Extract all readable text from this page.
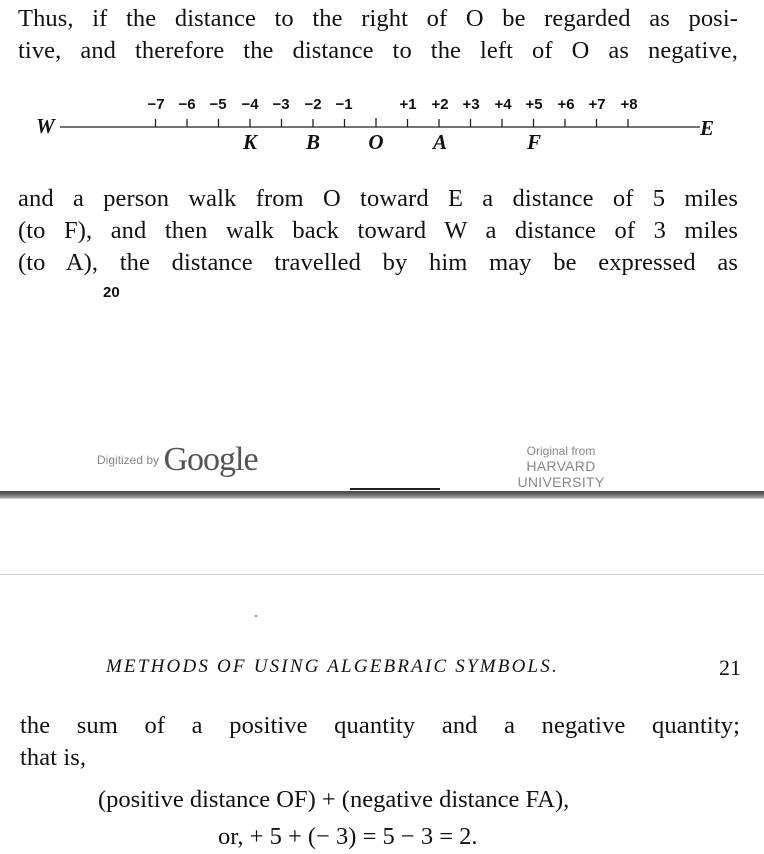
Thus, if the distance to the right of O be regarded as posi-
tive, and therefore the distance to the left of O as negative,
W	E
−7 −6 −5 −4 −3 −2 −1	+1 +2 +3 +4 +5 +6 +7 +8
K B O A	F
and a person walk from O toward E a distance of 5 miles
(to F), and then walk back toward W a distance of 3 miles
(to A), the distance travelled by him may be expressed as
20
Digitized by Google	Original from
HARVARD UNIVERSITY
METHODS OF USING ALGEBRAIC SYMBOLS.	21
the sum of a positive quantity and a negative quantity;
that is,
(positive distance OF) + (negative distance FA),
or, + 5 + (− 3) = 5 − 3 = 2.
